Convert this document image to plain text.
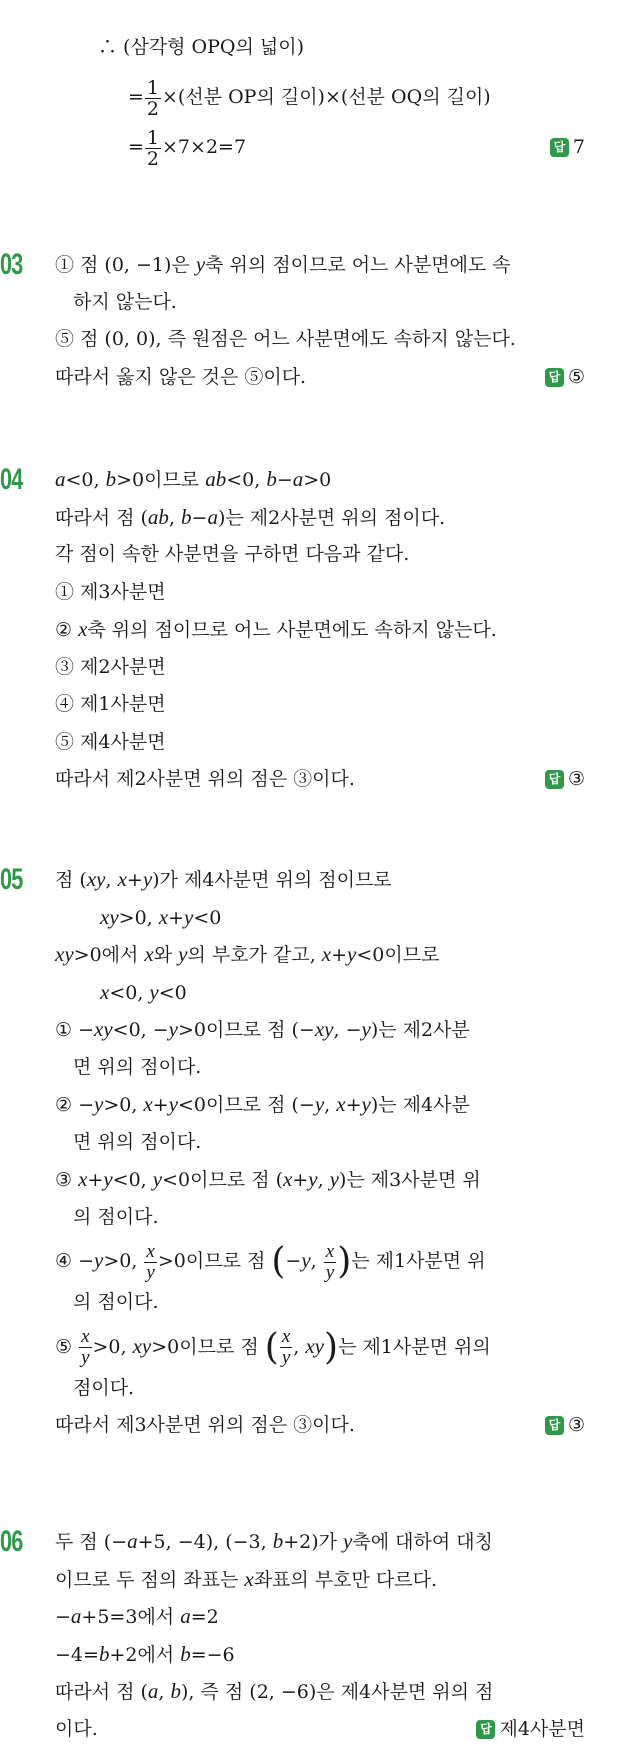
∴ (삼각형 OPQ의 넓이)
= $\frac{1}{2}$ ×(선분 OP의 길이)×(선분 OQ의 길이)
= $\frac{1}{2} \times 7\times 2=7$	답 7
03	① 점 (0, −1)은 y축 위의 점이므로 어느 사분면에도 속
하지 않는다.
⑤ 점 (0, 0), 즉 원점은 어느 사분면에도 속하지 않는다.
따라서 옳지 않은 것은 ⑤이다.	답 ⑤
04	a<0, b>0이므로 ab<0, b−a>0
따라서 점 (ab, b−a)는 제2사분면 위의 점이다.
각 점이 속한 사분면을 구하면 다음과 같다.
① 제3사분면
② x축 위의 점이므로 어느 사분면에도 속하지 않는다.
③ 제2사분면
④ 제1사분면
⑤ 제4사분면
따라서 제2사분면 위의 점은 ③이다.	답 ③
05	점 (xy, x+y)가 제4사분면 위의 점이므로
xy>0, x+y<0
xy>0에서 x와 y의 부호가 같고, x+y<0이므로
x<0, y<0
① −xy<0, −y>0이므로 점 (−xy, −y)는 제2사분
면 위의 점이다.
② −y>0, x+y<0이므로 점 (−y, x+y)는 제4사분
면 위의 점이다.
③ x+y<0, y<0이므로 점 (x+y, y)는 제3사분면 위
의 점이다.
④ −y>0, $\frac{x}{y} >0$이므로 점 (−y, $\frac{x}{y}$ )는 제1사분면 위
의 점이다.
⑤ $\frac{x}{y} >0$, xy>0이므로 점 ( $\frac{x}{y}$ , xy)는 제1사분면 위의
점이다.
따라서 제3사분면 위의 점은 ③이다.	답 ③
06	두 점 (−a+5, −4), (−3, b+2)가 y축에 대하여 대칭
이므로 두 점의 좌표는 x좌표의 부호만 다르다.
−a+5=3에서 a=2
−4=b+2에서 b=−6
따라서 점 (a, b), 즉 점 (2, −6)은 제4사분면 위의 점
이다.	답 제4사분면
